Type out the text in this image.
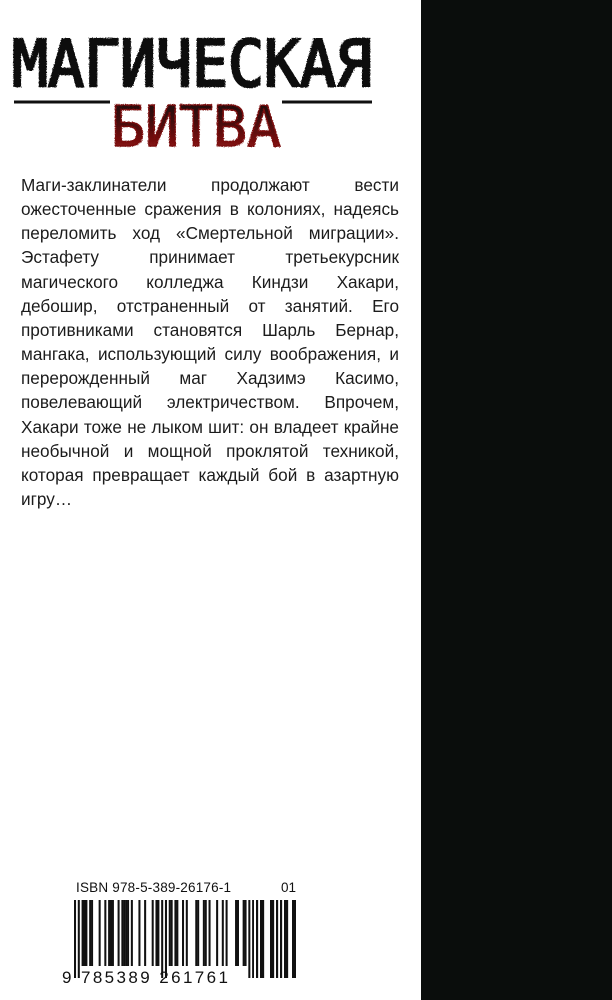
МАГИЧЕСКАЯ
БИТВА

Маги-заклинатели продолжают вести ожесточенные сражения в колониях, надеясь переломить ход «Смертельной миграции». Эстафету принимает третьекурсник магического колледжа Киндзи Хакари, дебошир, отстраненный от занятий. Его противниками становятся Шарль Бернар, мангака, использующий силу воображения, и перерожденный маг Хадзимэ Касимо, повелевающий электричеством. Впрочем, Хакари тоже не лыком шит: он владеет крайне необычной и мощной проклятой техникой, которая превращает каждый бой в азартную игру…

ISBN 978-5-389-26176-1	01
9 785389 261761
